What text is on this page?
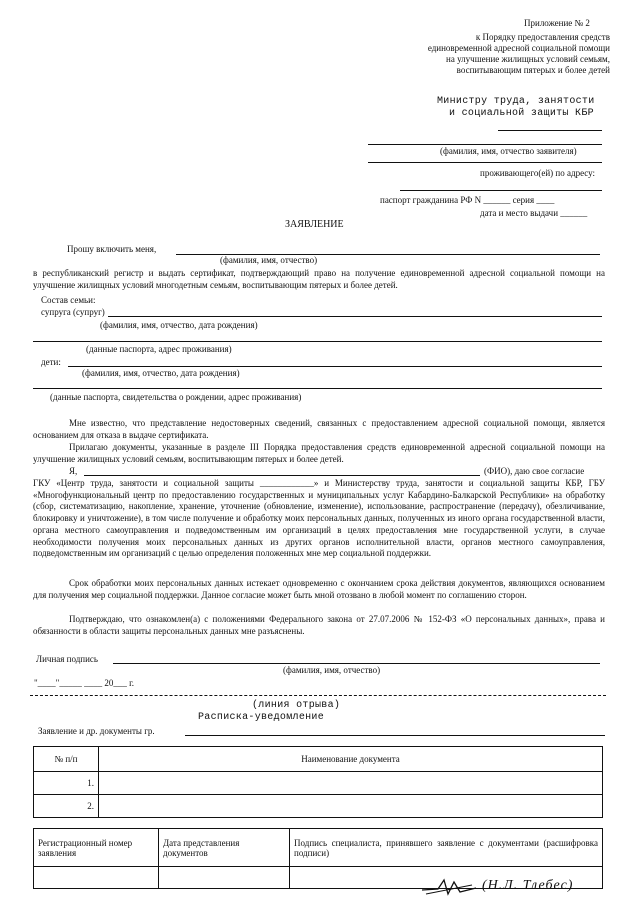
Приложение № 2
к Порядку предоставления средств
единовременной адресной социальной помощи
на улучшение жилищных условий семьям,
воспитывающим пятерых и более детей
Министру труда, занятости
и социальной защиты КБР
(фамилия, имя, отчество заявителя)
проживающего(ей) по адресу:
паспорт гражданина РФ N ______ серия ____
дата и место выдачи ______
ЗАЯВЛЕНИЕ
Прошу включить меня,
(фамилия, имя, отчество)

в республиканский регистр и выдать сертификат, подтверждающий право на получение единовременной адресной социальной помощи на улучшение жилищных условий многодетным семьям, воспитывающим пятерых и более детей.

Состав семьи:
супруга (супруг)
(фамилия, имя, отчество, дата рождения)
(данные паспорта, адрес проживания)
дети:
(фамилия, имя, отчество, дата рождения)
(данные паспорта, свидетельства о рождении, адрес проживания)

Мне известно, что представление недостоверных сведений, связанных с предоставлением адресной социальной помощи, является основанием для отказа в выдаче сертификата.

Прилагаю документы, указанные в разделе III Порядка предоставления средств единовременной адресной социальной помощи на улучшение жилищных условий семьям, воспитывающим пятерых и более детей.

Я,	(ФИО), даю свое согласие

ГКУ «Центр труда, занятости и социальной защиты ____________» и Министерству труда, занятости и социальной защиты КБР, ГБУ «Многофункциональный центр по предоставлению государственных и муниципальных услуг Кабардино-Балкарской Республики» на обработку (сбор, систематизацию, накопление, хранение, уточнение (обновление, изменение), использование, распространение (передачу), обезличивание, блокировку и уничтожение), в том числе получение и обработку моих персональных данных, полученных из иного органа государственной власти, органа местного самоуправления и подведомственным им организаций в целях предоставления мне государственной услуги, в случае необходимости получения моих персональных данных из других органов исполнительной власти, органов местного самоуправления, подведомственным им организаций с целью определения положенных мне мер социальной поддержки.

Срок обработки моих персональных данных истекает одновременно с окончанием срока действия документов, являющихся основанием для получения мер социальной поддержки. Данное согласие может быть мной отозвано в любой момент по соглашению сторон.

Подтверждаю, что ознакомлен(а) с положениями Федерального закона от 27.07.2006 № 152-ФЗ «О персональных данных», права и обязанности в области защиты персональных данных мне разъяснены.

Личная подпись
(фамилия, имя, отчество)
"____"_____ ____ 20___ г.
(линия отрыва)
Расписка-уведомление
Заявление и др. документы гр.
№ п/п	Наименование документа
1.	
2.	
Регистрационный номер заявления	Дата представления документов	Подпись специалиста, принявшего заявление с документами (расшифровка подписи)

(Н.Л. Тлебес)
